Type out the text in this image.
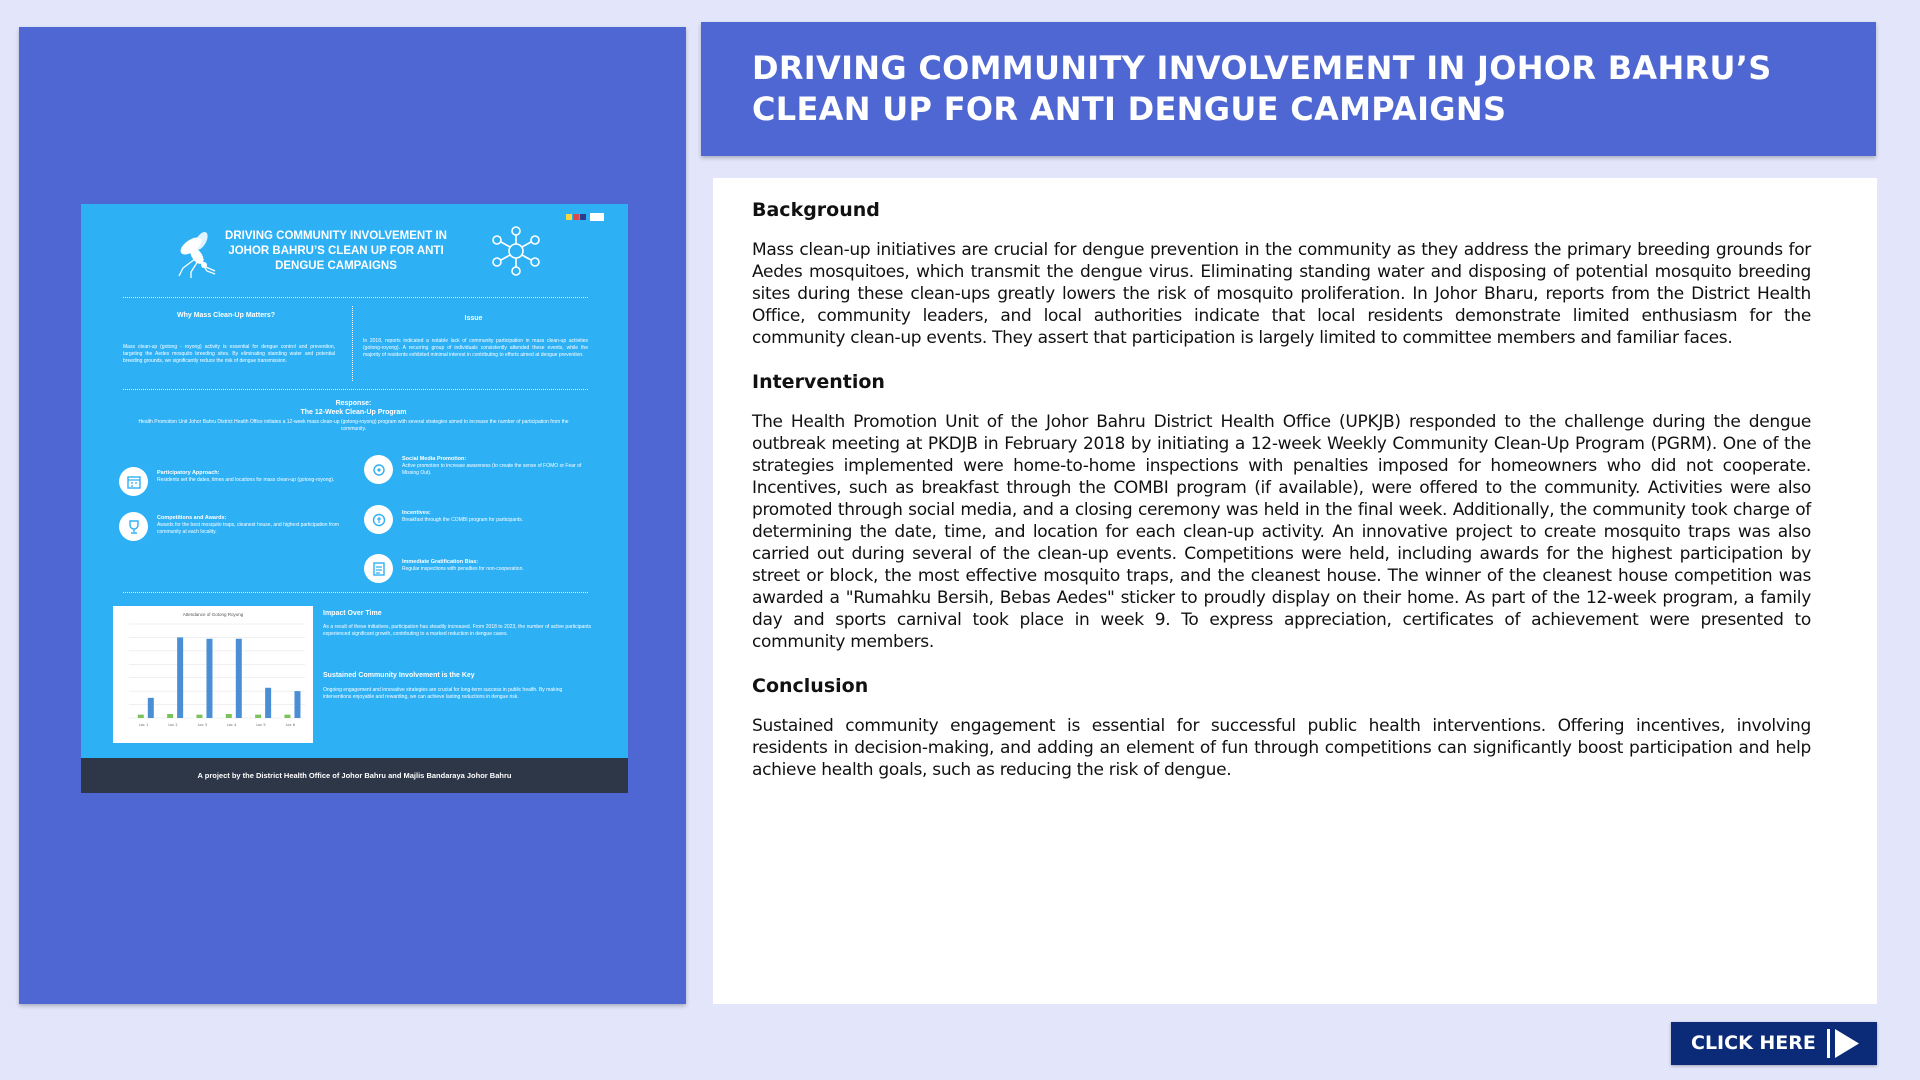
DRIVING COMMUNITY INVOLVEMENT IN JOHOR BAHRU’S CLEAN UP FOR ANTI DENGUE CAMPAIGNS
Why Mass Clean-Up Matters?	Issue
Mass clean-up (gotong - royong) activity is essential for dengue control and prevention, targeting the Aedes mosquito breeding sites. By eliminating standing water and potential breeding grounds, we significantly reduce the risk of dengue transmission.
In 2018, reports indicated a notable lack of community participation in mass clean-up activities (gotong-royong). A recurring group of individuals consistently attended these events, while the majority of residents exhibited minimal interest in contributing to efforts aimed at dengue prevention.
Response:
The 12-Week Clean-Up Program
Health Promotion Unit Johor Bahru District Health Office initiates a 12-week mass clean-up (gotong-royong) program with several strategies aimed to increase the number of participation from the community.
Participatory Approach:
Residents set the dates, times and locations for mass clean-up (gotong-royong).
Competitions and Awards:
Awards for the best mosquito traps, cleanest house, and highest participation from community at each locality.
Social Media Promotion:
Active promotion to increase awareness (to create the sense of FOMO or Fear of Missing Out).
Incentives:
Breakfast through the COMBI program for participants.
Immediate Gratification Bias:
Regular inspections with penalties for non-cooperation.
Attendance of Gotong Royong
Loc 1	Loc 2	Loc 3	Loc 4	Loc 5	Loc 6
Impact Over Time
As a result of these initiatives, participation has steadily increased. From 2018 to 2023, the number of active participants experienced significant growth, contributing to a marked reduction in dengue cases.
Sustained Community Involvement is the Key
Ongoing engagement and innovative strategies are crucial for long-term success in public health. By making interventions enjoyable and rewarding, we can achieve lasting reductions in dengue risk.
A project by the District Health Office of Johor Bahru and Majlis Bandaraya Johor Bahru
DRIVING COMMUNITY INVOLVEMENT IN JOHOR BAHRU’S
CLEAN UP FOR ANTI DENGUE CAMPAIGNS
Background
Mass clean-up initiatives are crucial for dengue prevention in the community as they address the primary breeding grounds for Aedes mosquitoes, which transmit the dengue virus. Eliminating standing water and disposing of potential mosquito breeding sites during these clean-ups greatly lowers the risk of mosquito proliferation. In Johor Bharu, reports from the District Health Office, community leaders, and local authorities indicate that local residents demonstrate limited enthusiasm for the community clean-up events. They assert that participation is largely limited to committee members and familiar faces.
Intervention
The Health Promotion Unit of the Johor Bahru District Health Office (UPKJB) responded to the challenge during the dengue outbreak meeting at PKDJB in February 2018 by initiating a 12-week Weekly Community Clean-Up Program (PGRM). One of the strategies implemented were home-to-home inspections with penalties imposed for homeowners who did not cooperate. Incentives, such as breakfast through the COMBI program (if available), were offered to the community. Activities were also promoted through social media, and a closing ceremony was held in the final week. Additionally, the community took charge of determining the date, time, and location for each clean-up activity. An innovative project to create mosquito traps was also carried out during several of the clean-up events. Competitions were held, including awards for the highest participation by street or block, the most effective mosquito traps, and the cleanest house. The winner of the cleanest house competition was awarded a "Rumahku Bersih, Bebas Aedes" sticker to proudly display on their home. As part of the 12-week program, a family day and sports carnival took place in week 9. To express appreciation, certificates of achievement were presented to community members.
Conclusion
Sustained community engagement is essential for successful public health interventions. Offering incentives, involving residents in decision-making, and adding an element of fun through competitions can significantly boost participation and help achieve health goals, such as reducing the risk of dengue.
CLICK HERE
